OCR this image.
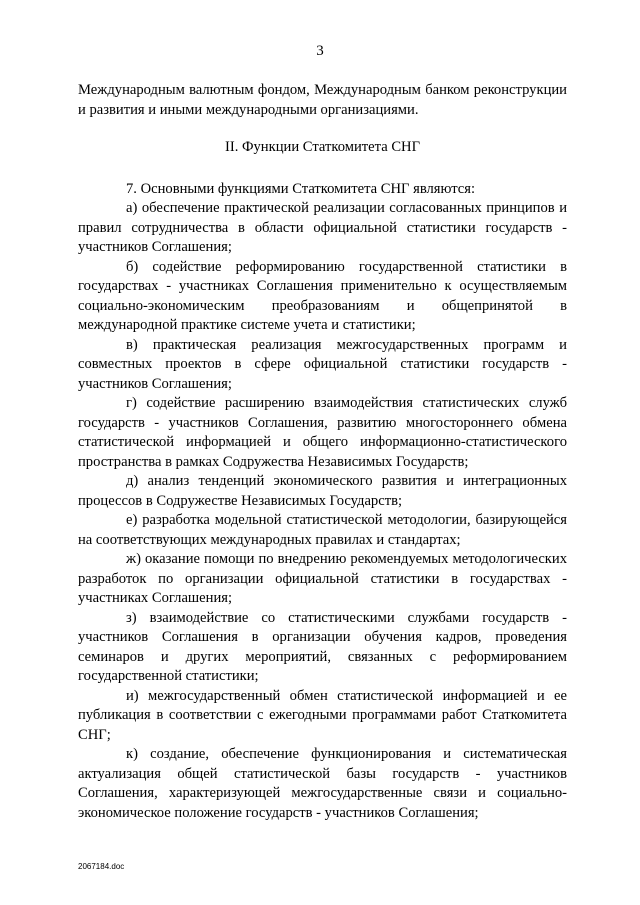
3

Международным валютным фондом, Международным банком реконструкции и развития и иными международными организациями.

II. Функции Статкомитета СНГ

7. Основными функциями Статкомитета СНГ являются:

а) обеспечение практической реализации согласованных принципов и правил сотрудничества в области официальной статистики государств - участников Соглашения;

б) содействие реформированию государственной статистики в государствах - участниках Соглашения применительно к осуществляемым социально-экономическим преобразованиям и общепринятой в международной практике системе учета и статистики;

в) практическая реализация межгосударственных программ и совместных проектов в сфере официальной статистики государств - участников Соглашения;

г) содействие расширению взаимодействия статистических служб государств - участников Соглашения, развитию многостороннего обмена статистической информацией и общего информационно-статистического пространства в рамках Содружества Независимых Государств;

д) анализ тенденций экономического развития и интеграционных процессов в Содружестве Независимых Государств;

е) разработка модельной статистической методологии, базирующейся на соответствующих международных правилах и стандартах;

ж) оказание помощи по внедрению рекомендуемых методологических разработок по организации официальной статистики в государствах - участниках Соглашения;

з) взаимодействие со статистическими службами государств - участников Соглашения в организации обучения кадров, проведения семинаров и других мероприятий, связанных с реформированием государственной статистики;

и) межгосударственный обмен статистической информацией и ее публикация в соответствии с ежегодными программами работ Статкомитета СНГ;

к) создание, обеспечение функционирования и систематическая актуализация общей статистической базы государств - участников Соглашения, характеризующей межгосударственные связи и социально-экономическое положение государств - участников Соглашения;

2067184.doc
